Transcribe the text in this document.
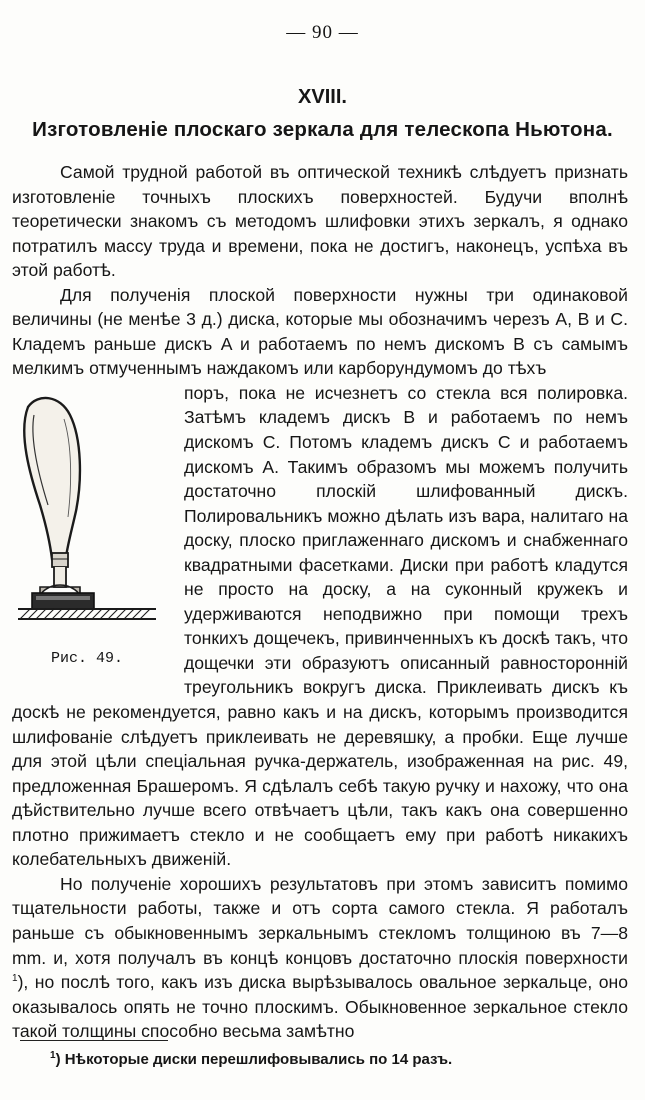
— 90 —
XVIII.
Изготовленіе плоскаго зеркала для телескопа Ньютона.

Самой трудной работой въ оптической техникѣ слѣдуетъ признать изготовленіе точныхъ плоскихъ поверхностей. Будучи вполнѣ теоретически знакомъ съ методомъ шлифовки этихъ зеркалъ, я однако потратилъ массу труда и времени, пока не достигъ, наконецъ, успѣха въ этой работѣ.

Для полученія плоской поверхности нужны три одинаковой величины (не менѣе 3 д.) диска, которые мы обозначимъ черезъ A, B и C. Кладемъ раньше дискъ A и работаемъ по немъ дискомъ B съ самымъ мелкимъ отмученнымъ наждакомъ или карборундумомъ до тѣхъ

Рис. 49.

поръ, пока не исчезнетъ со стекла вся полировка. Затѣмъ кладемъ дискъ B и работаемъ по немъ дискомъ C. Потомъ кладемъ дискъ C и работаемъ дискомъ A. Такимъ образомъ мы можемъ получить достаточно плоскій шлифованный дискъ. Полировальникъ можно дѣлать изъ вара, налитаго на доску, плоско приглаженнаго дискомъ и снабженнаго квадратными фасетками. Диски при работѣ кладутся не просто на доску, а на суконный кружекъ и удерживаются неподвижно при помощи трехъ тонкихъ дощечекъ, привинченныхъ къ доскѣ такъ, что дощечки эти образуютъ описанный равносторонній треугольникъ вокругъ диска. Приклеивать дискъ къ доскѣ не рекомендуется, равно какъ и на дискъ, которымъ производится шлифованіе слѣдуетъ приклеивать не деревяшку, а пробки. Еще лучше для этой цѣли спеціальная ручка-держатель, изображенная на рис. 49, предложенная Брашеромъ. Я сдѣлалъ себѣ такую ручку и нахожу, что она дѣйствительно лучше всего отвѣчаетъ цѣли, такъ какъ она совершенно плотно прижимаетъ стекло и не сообщаетъ ему при работѣ никакихъ колебательныхъ движеній.

Но полученіе хорошихъ результатовъ при этомъ зависитъ помимо тщательности работы, также и отъ сорта самого стекла. Я работалъ раньше съ обыкновеннымъ зеркальнымъ стекломъ толщиною въ 7—8 mm. и, хотя получалъ въ концѣ концовъ достаточно плоскія поверхности $^1$), но послѣ того, какъ изъ диска вырѣзывалось овальное зеркальце, оно оказывалось опять не точно плоскимъ. Обыкновенное зеркальное стекло такой толщины способно весьма замѣтно

$^1$) Нѣкоторые диски перешлифовывались по 14 разъ.
